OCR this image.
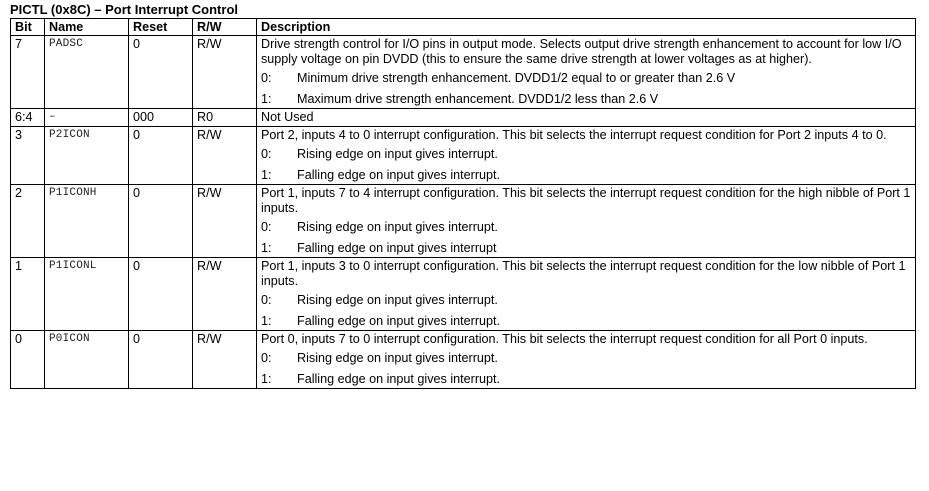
PICTL (0x8C) – Port Interrupt Control
Bit	Name	Reset	R/W	Description
7	PADSC	0	R/W	Drive strength control for I/O pins in output mode. Selects output drive strength enhancement to account for low I/O supply voltage on pin DVDD (this to ensure the same drive strength at lower voltages as at higher).
0: Minimum drive strength enhancement. DVDD1/2 equal to or greater than 2.6 V
1: Maximum drive strength enhancement. DVDD1/2 less than 2.6 V

6:4	–	000	R0	Not Used

3	P2ICON	0	R/W	Port 2, inputs 4 to 0 interrupt configuration. This bit selects the interrupt request condition for Port 2 inputs 4 to 0.
0: Rising edge on input gives interrupt.
1: Falling edge on input gives interrupt.

2	P1ICONH	0	R/W	Port 1, inputs 7 to 4 interrupt configuration. This bit selects the interrupt request condition for the high nibble of Port 1 inputs.
0: Rising edge on input gives interrupt.
1: Falling edge on input gives interrupt

1	P1ICONL	0	R/W	Port 1, inputs 3 to 0 interrupt configuration. This bit selects the interrupt request condition for the low nibble of Port 1 inputs.
0: Rising edge on input gives interrupt.
1: Falling edge on input gives interrupt.

0	P0ICON	0	R/W	Port 0, inputs 7 to 0 interrupt configuration. This bit selects the interrupt request condition for all Port 0 inputs.
0: Rising edge on input gives interrupt.
1: Falling edge on input gives interrupt.
